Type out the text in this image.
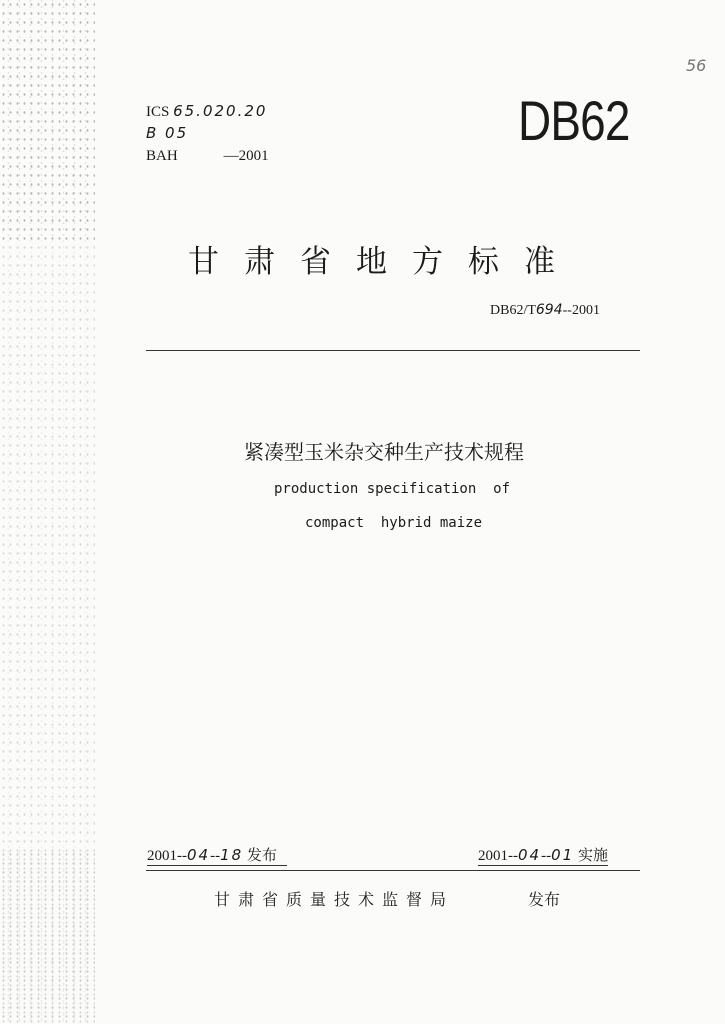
ICS 65.020.20
B 05
BAH	—2001
DB62
56
甘肃省地方标准
DB62/T694--2001
紧凑型玉米杂交种生产技术规程
production specification  of
compact  hybrid maize
2001--04--18 发布	2001--04--01 实施
甘肃省质量技术监督局	发布
